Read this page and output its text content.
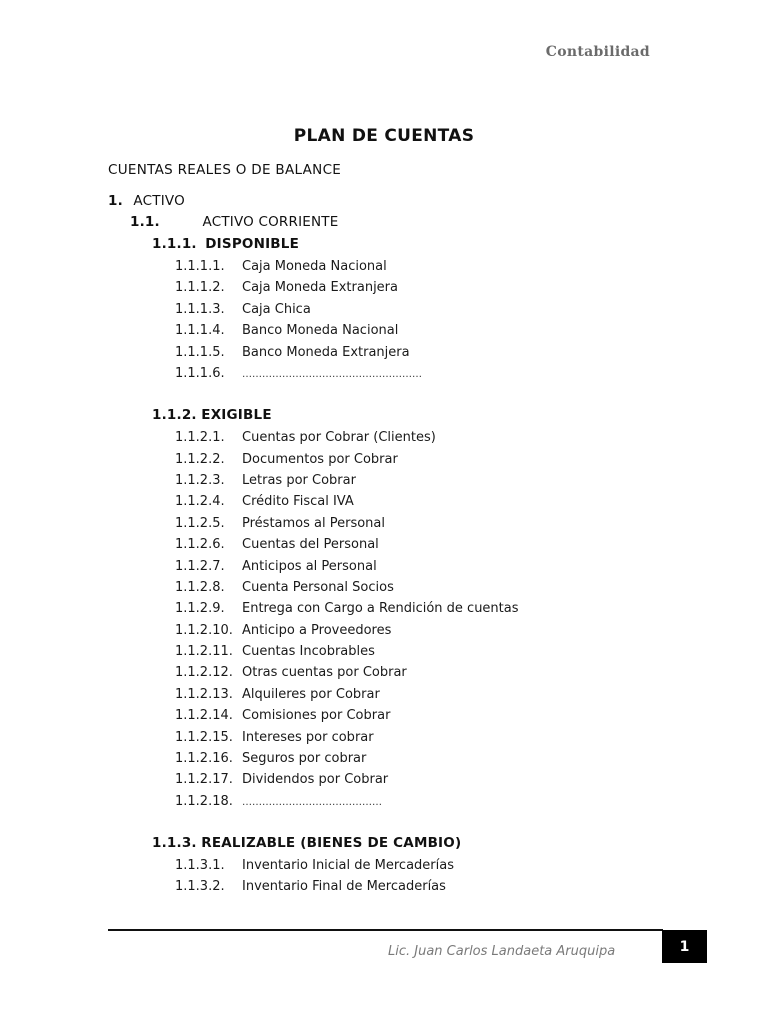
Contabilidad
PLAN DE CUENTAS
CUENTAS REALES O DE BALANCE
1. ACTIVO
1.1.	ACTIVO CORRIENTE
1.1.1. DISPONIBLE
1.1.1.1. Caja Moneda Nacional
1.1.1.2. Caja Moneda Extranjera
1.1.1.3. Caja Chica
1.1.1.4. Banco Moneda Nacional
1.1.1.5. Banco Moneda Extranjera
1.1.1.6. ………………………………………………
1.1.2. EXIGIBLE
1.1.2.1. Cuentas por Cobrar (Clientes)
1.1.2.2. Documentos por Cobrar
1.1.2.3. Letras por Cobrar
1.1.2.4. Crédito Fiscal IVA
1.1.2.5. Préstamos al Personal
1.1.2.6. Cuentas del Personal
1.1.2.7. Anticipos al Personal
1.1.2.8. Cuenta Personal Socios
1.1.2.9. Entrega con Cargo a Rendición de cuentas
1.1.2.10. Anticipo a Proveedores
1.1.2.11. Cuentas Incobrables
1.1.2.12. Otras cuentas por Cobrar
1.1.2.13. Alquileres por Cobrar
1.1.2.14. Comisiones por Cobrar
1.1.2.15. Intereses por cobrar
1.1.2.16. Seguros por cobrar
1.1.2.17. Dividendos por Cobrar
1.1.2.18. ……………………………………
1.1.3. REALIZABLE (BIENES DE CAMBIO)
1.1.3.1. Inventario Inicial de Mercaderías
1.1.3.2. Inventario Final de Mercaderías
Lic. Juan Carlos Landaeta Aruquipa	1
